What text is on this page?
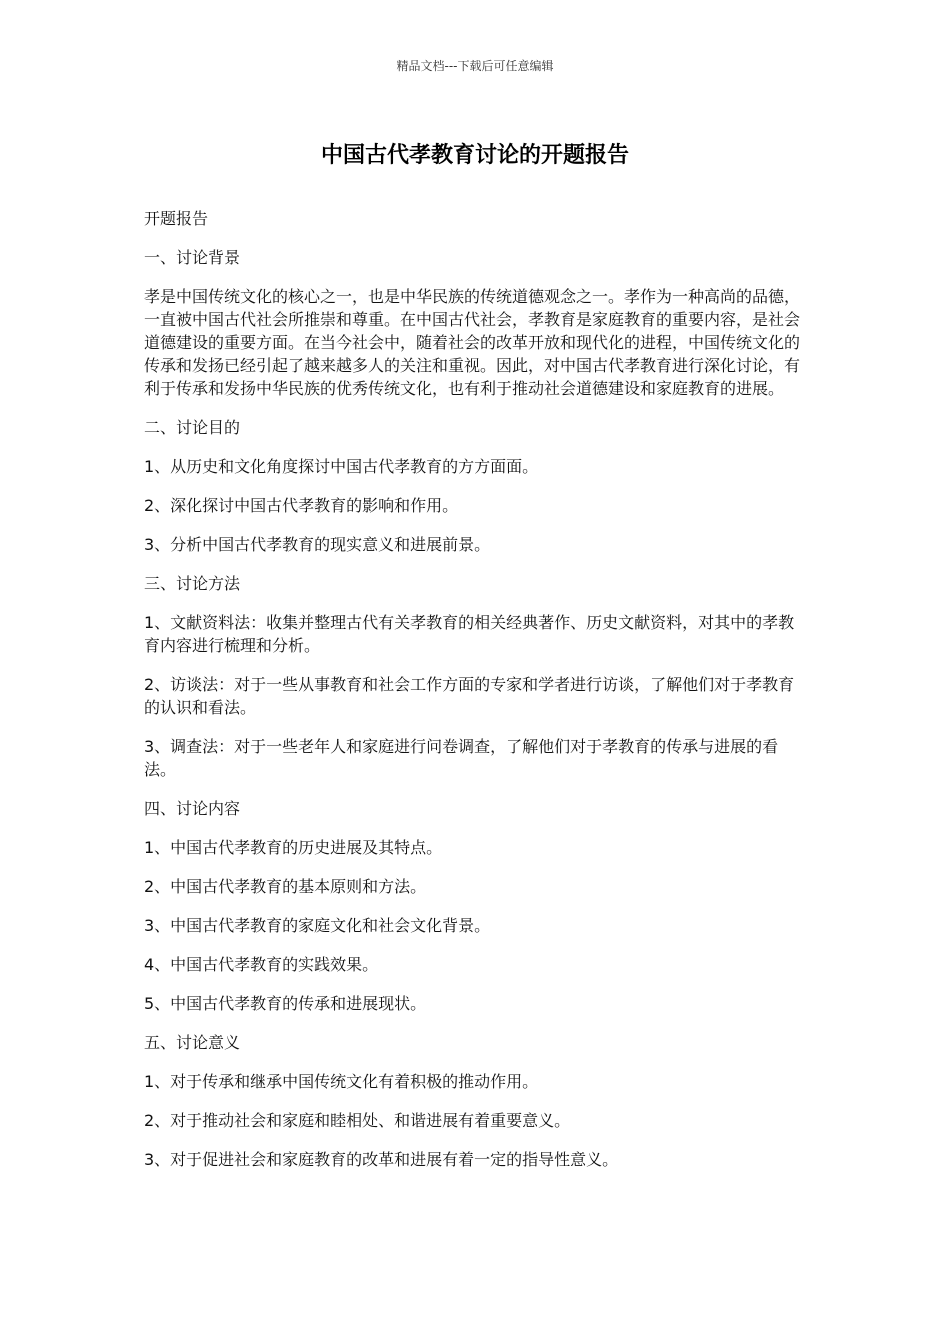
精品文档---下载后可任意编辑
中国古代孝教育讨论的开题报告

开题报告

一、讨论背景

孝是中国传统文化的核心之一，也是中华民族的传统道德观念之一。孝作为一种高尚的品德，一直被中国古代社会所推崇和尊重。在中国古代社会，孝教育是家庭教育的重要内容，是社会道德建设的重要方面。在当今社会中，随着社会的改革开放和现代化的进程，中国传统文化的传承和发扬已经引起了越来越多人的关注和重视。因此，对中国古代孝教育进行深化讨论，有利于传承和发扬中华民族的优秀传统文化，也有利于推动社会道德建设和家庭教育的进展。

二、讨论目的

1、从历史和文化角度探讨中国古代孝教育的方方面面。

2、深化探讨中国古代孝教育的影响和作用。

3、分析中国古代孝教育的现实意义和进展前景。

三、讨论方法

1、文献资料法：收集并整理古代有关孝教育的相关经典著作、历史文献资料，对其中的孝教育内容进行梳理和分析。

2、访谈法：对于一些从事教育和社会工作方面的专家和学者进行访谈，了解他们对于孝教育的认识和看法。

3、调查法：对于一些老年人和家庭进行问卷调查，了解他们对于孝教育的传承与进展的看法。

四、讨论内容

1、中国古代孝教育的历史进展及其特点。

2、中国古代孝教育的基本原则和方法。

3、中国古代孝教育的家庭文化和社会文化背景。

4、中国古代孝教育的实践效果。

5、中国古代孝教育的传承和进展现状。

五、讨论意义

1、对于传承和继承中国传统文化有着积极的推动作用。

2、对于推动社会和家庭和睦相处、和谐进展有着重要意义。

3、对于促进社会和家庭教育的改革和进展有着一定的指导性意义。
